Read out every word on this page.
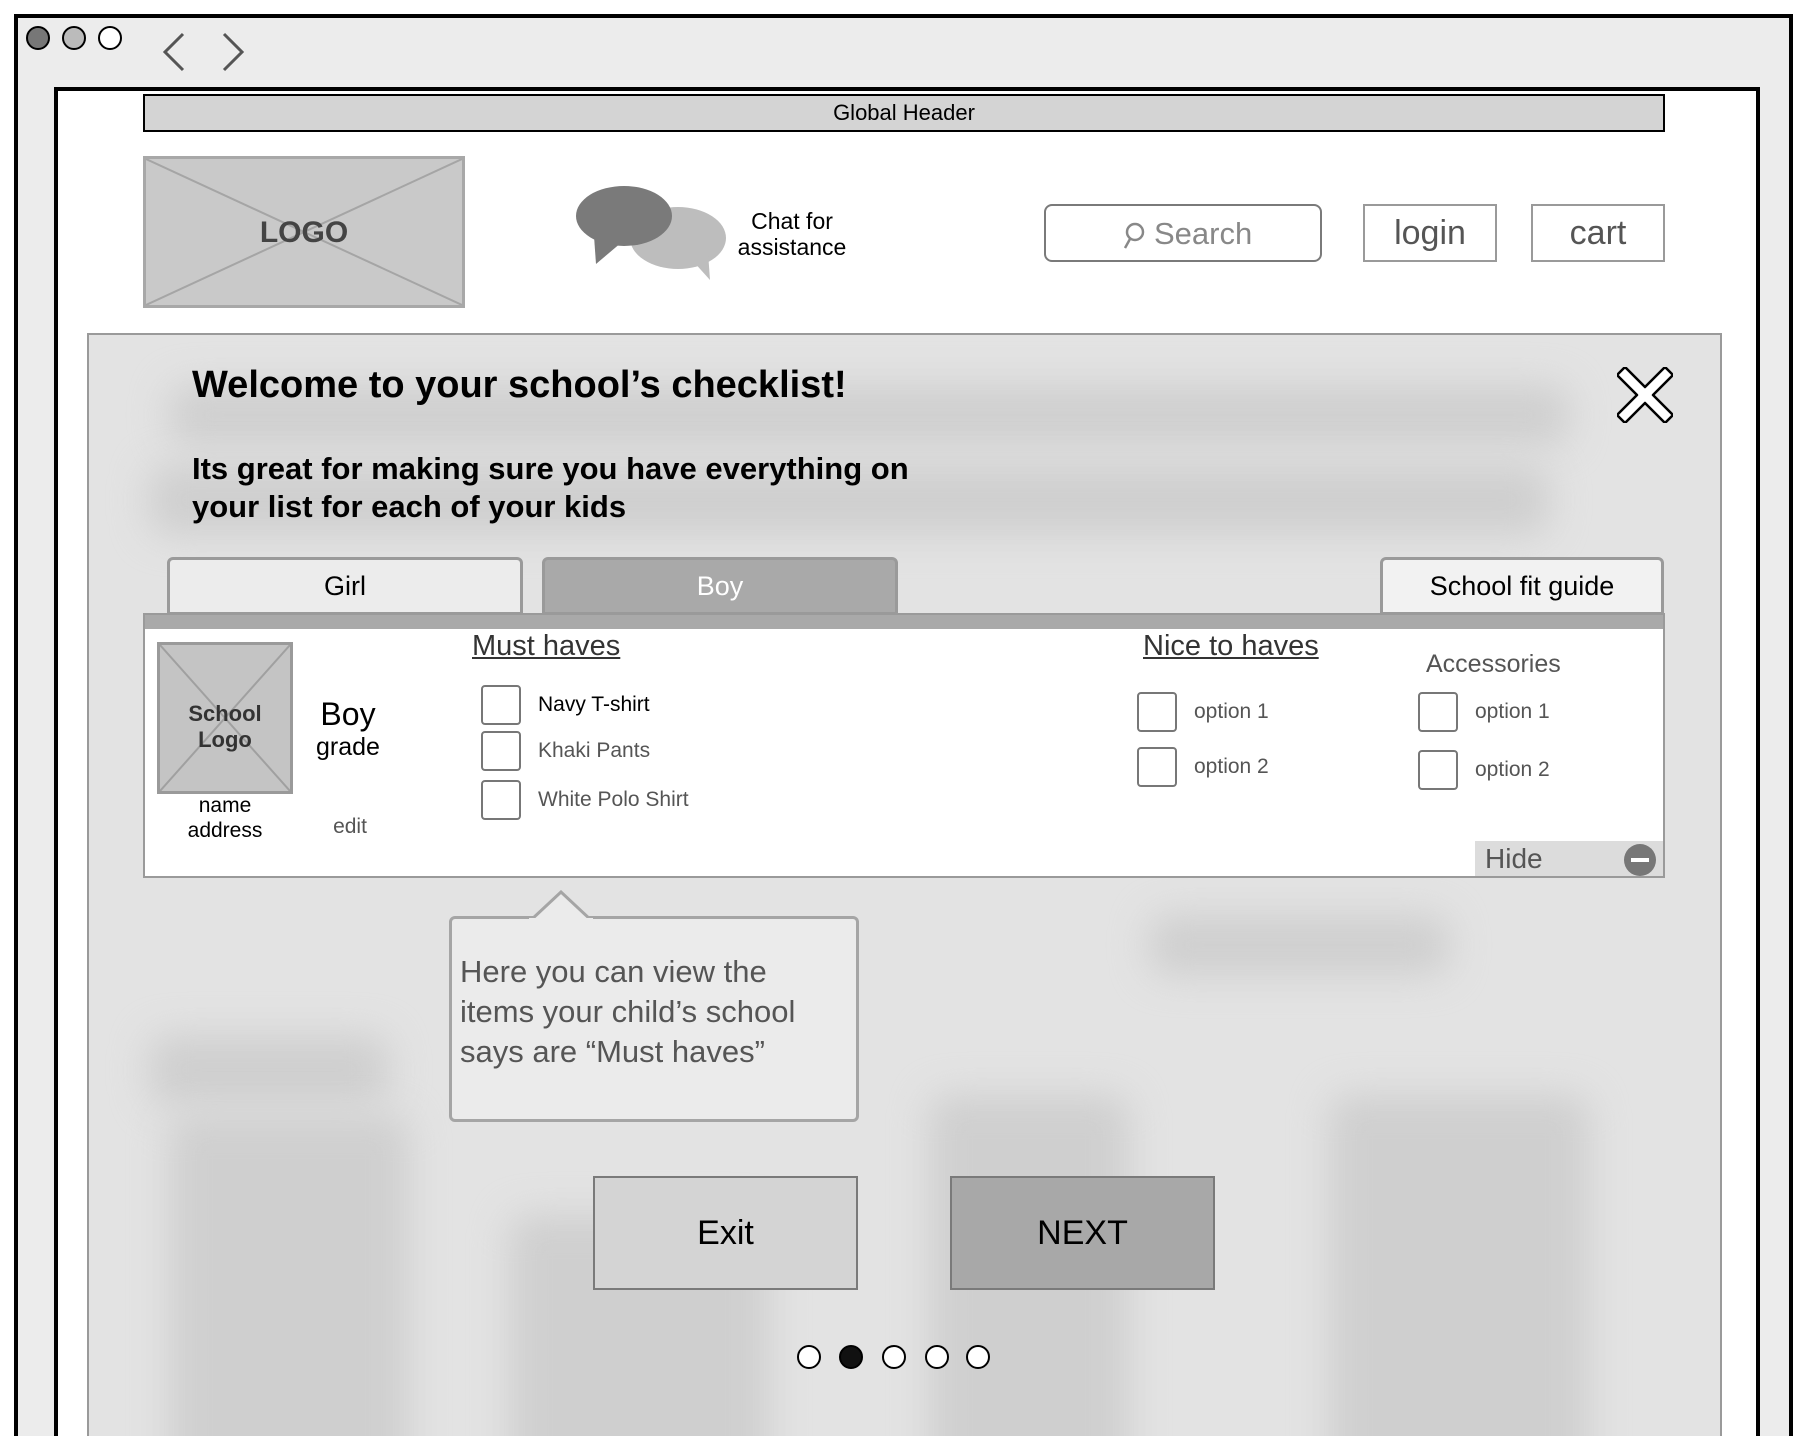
Global Header
LOGO	Chat for
assistance	Search	login	cart
Welcome to your school’s checklist!
Its great for making sure you have everything on
your list for each of your kids
Girl	Boy	School fit guide
School
Logo
name
address
Boy
grade
edit
Must haves
Navy T-shirt
Khaki Pants
White Polo Shirt
Nice to haves
option 1
option 2
Accessories
option 1
option 2
Hide
Here you can view the
items your child’s school
says are “Must haves”
Exit	NEXT
